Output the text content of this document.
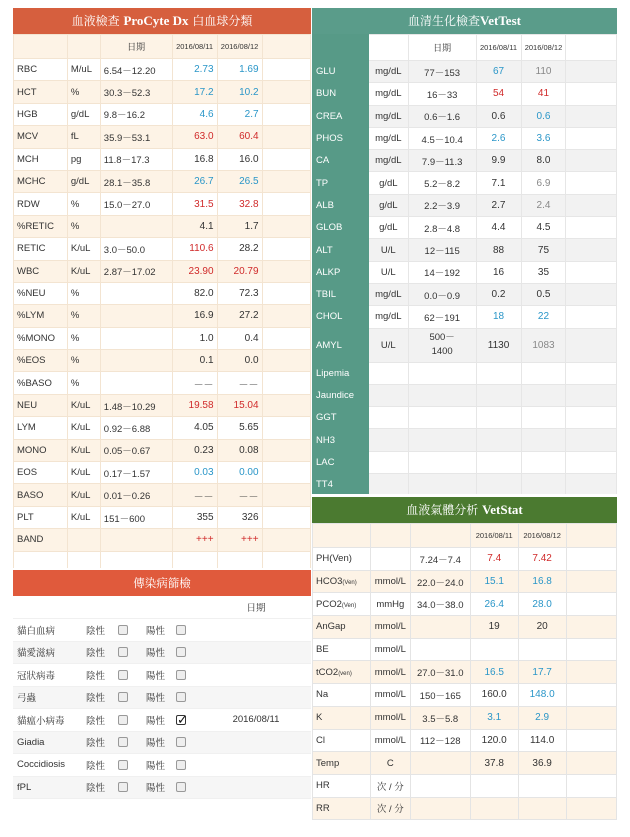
血液檢查 ProCyte Dx 白血球分類
		日期	2016/08/11	2016/08/12	
RBC	M/uL	6.54－12.20	2.73	1.69	
HCT	%	30.3－52.3	17.2	10.2	
HGB	g/dL	9.8－16.2	4.6	2.7	
MCV	fL	35.9－53.1	63.0	60.4	
MCH	pg	11.8－17.3	16.8	16.0	
MCHC	g/dL	28.1－35.8	26.7	26.5	
RDW	%	15.0－27.0	31.5	32.8	
%RETIC	%		4.1	1.7	
RETIC	K/uL	3.0－50.0	110.6	28.2	
WBC	K/uL	2.87－17.02	23.90	20.79	
%NEU	%		82.0	72.3	
%LYM	%		16.9	27.2	
%MONO	%		1.0	0.4	
%EOS	%		0.1	0.0	
%BASO	%		－－	－－	
NEU	K/uL	1.48－10.29	19.58	15.04	
LYM	K/uL	0.92－6.88	4.05	5.65	
MONO	K/uL	0.05－0.67	0.23	0.08	
EOS	K/uL	0.17－1.57	0.03	0.00	
BASO	K/uL	0.01－0.26	－－	－－	
PLT	K/uL	151－600	355	326	
BAND			+++	+++	

傳染病篩檢
					日期
貓白血病	陰性		陽性		
貓愛滋病	陰性		陽性		
冠狀病毒	陰性		陽性		
弓蟲	陰性		陽性		
貓瘟小病毒	陰性		陽性	✓	2016/08/11
Giadia	陰性		陽性		
Coccidiosis	陰性		陽性		
fPL	陰性		陽性		
血清生化檢查VetTest
		日期	2016/08/11	2016/08/12	
GLU	mg/dL	77－153	67	110	
BUN	mg/dL	16－33	54	41	
CREA	mg/dL	0.6－1.6	0.6	0.6	
PHOS	mg/dL	4.5－10.4	2.6	3.6	
CA	mg/dL	7.9－11.3	9.9	8.0	
TP	g/dL	5.2－8.2	7.1	6.9	
ALB	g/dL	2.2－3.9	2.7	2.4	
GLOB	g/dL	2.8－4.8	4.4	4.5	
ALT	U/L	12－115	88	75	
ALKP	U/L	14－192	16	35	
TBIL	mg/dL	0.0－0.9	0.2	0.5	
CHOL	mg/dL	62－191	18	22	
AMYL	U/L	500－
1400	1130	1083	
Lipemia					
Jaundice					
GGT					
NH3					
LAC					
TT4					
血液氣體分析 VetStat
			2016/08/11	2016/08/12	
PH(Ven)		7.24－7.4	7.4	7.42	
HCO3(Ven)	mmol/L	22.0－24.0	15.1	16.8	
PCO2(Ven)	mmHg	34.0－38.0	26.4	28.0	
AnGap	mmol/L		19	20	
BE	mmol/L				
tCO2(ven)	mmol/L	27.0－31.0	16.5	17.7	
Na	mmol/L	150－165	160.0	148.0	
K	mmol/L	3.5－5.8	3.1	2.9	
Cl	mmol/L	112－128	120.0	114.0	
Temp	C		37.8	36.9	
HR	次 / 分				
RR	次 / 分				
